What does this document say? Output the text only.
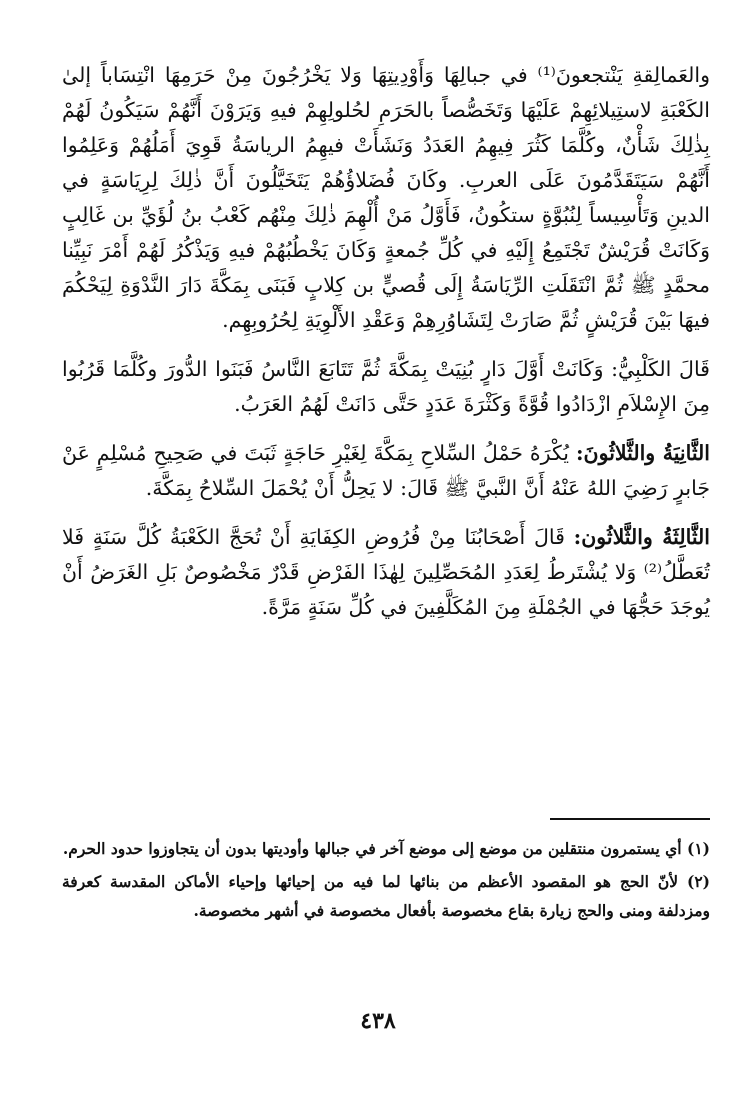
والعَمالِقةِ يَنْتجعونَ⁽¹⁾ في جبالِهَا وَأَوْدِيتِهَا وَلا يَخْرُجُونَ مِنْ حَرَمِهَا انْتِسَاباً إلىٰ الكَعْبَةِ لاستِيلائِهِمْ عَلَيْهَا وَتَخَصُّصاً بالحَرَمِ لحُلولِهِمْ فيهِ وَيَرَوْنَ أَنَّهُمْ سَيَكُونُ لَهُمْ بِذٰلِكَ شَأْنٌ، وكُلَّمَا كَثُرَ فِيهِمُ العَدَدُ وَنَشَأَتْ فيهِمُ الرياسَةُ قَوِيَ أَمَلُهُمْ وَعَلِمُوا أَنَّهُمْ سَيَتَقَدَّمُونَ عَلَى العربِ. وكَانَ فُضَلاؤُهُمْ يَتَخَيَّلُونَ أَنَّ ذٰلِكَ لِرِيَاسَةٍ في الدينِ وَتَأْسِيساً لِنُبُوَّةٍ ستكُونُ، فَأَوَّلُ مَنْ أُلْهِمَ ذٰلِكَ مِنْهُم كَعْبُ بنُ لُؤَيِّ بن غَالِبٍ وَكَانَتْ قُرَيْشٌ تَجْتَمِعُ إِلَيْهِ في كُلِّ جُمعةٍ وَكَانَ يَخْطُبُهُمْ فيهِ وَيَذْكُرُ لَهُمْ أَمْرَ نَبِيِّنا محمَّدٍ ﷺ ثُمَّ انْتَقَلَتِ الرِّيَاسَةُ إِلَى قُصيٍّ بن كِلابٍ فَبَنَى بِمَكَّةَ دَارَ النَّدْوَةِ لِيَحْكُمَ فيهَا بَيْنَ قُرَيْشٍ ثُمَّ صَارَتْ لِتَشَاوُرِهِمْ وَعَقْدِ الأَلْوِيَةِ لِحُرُوبِهِم.

قَالَ الكَلْبِيُّ: وَكَانَتْ أَوَّلَ دَارٍ بُنِيَتْ بِمَكَّةَ ثُمَّ تَتَابَعَ النَّاسُ فَبَنَوا الدُّورَ وكُلَّمَا قَرُبُوا مِنَ الإِسْلاَمِ ازْدَادُوا قُوَّةً وَكَثْرَةَ عَدَدٍ حَتَّى دَانَتْ لَهُمُ العَرَبُ.

الثَّانِيَةُ والثَّلاثُونَ: يُكْرَهُ حَمْلُ السِّلاحِ بِمَكَّةَ لِغَيْرِ حَاجَةٍ ثَبَتَ في صَحِيحِ مُسْلِمٍ عَنْ جَابرٍ رَضِيَ اللهُ عَنْهُ أَنَّ النَّبيَّ ﷺ قَالَ: لا يَحِلُّ أَنْ يُحْمَلَ السِّلاحُ بِمَكَّةَ.

الثَّالِثَةُ والثَّلاثُون: قَالَ أَصْحَابُنَا مِنْ فُرُوضِ الكِفَايَةِ أَنْ تُحَجَّ الكَعْبَةُ كُلَّ سَنَةٍ فَلا تُعَطَّلُ⁽²⁾ وَلا يُشْتَرطُ لِعَدَدِ المُحَصِّلِينَ لِهٰذَا الفَرْضِ قَدْرٌ مَخْصُوصٌ بَلِ الغَرَضُ أَنْ يُوجَدَ حَجُّهَا في الجُمْلَةِ مِنَ المُكَلَّفِينَ في كُلِّ سَنَةٍ مَرَّةً.

(١) أي يستمرون منتقلين من موضع إلى موضع آخر في جبالها وأوديتها بدون أن يتجاوزوا حدود الحرم.

(٢) لأنّ الحج هو المقصود الأعظم من بنائها لما فيه من إحيائها وإحياء الأماكن المقدسة كعرفة ومزدلفة ومنى والحج زيارة بقاع مخصوصة بأفعال مخصوصة في أشهر مخصوصة.

٤٣٨
